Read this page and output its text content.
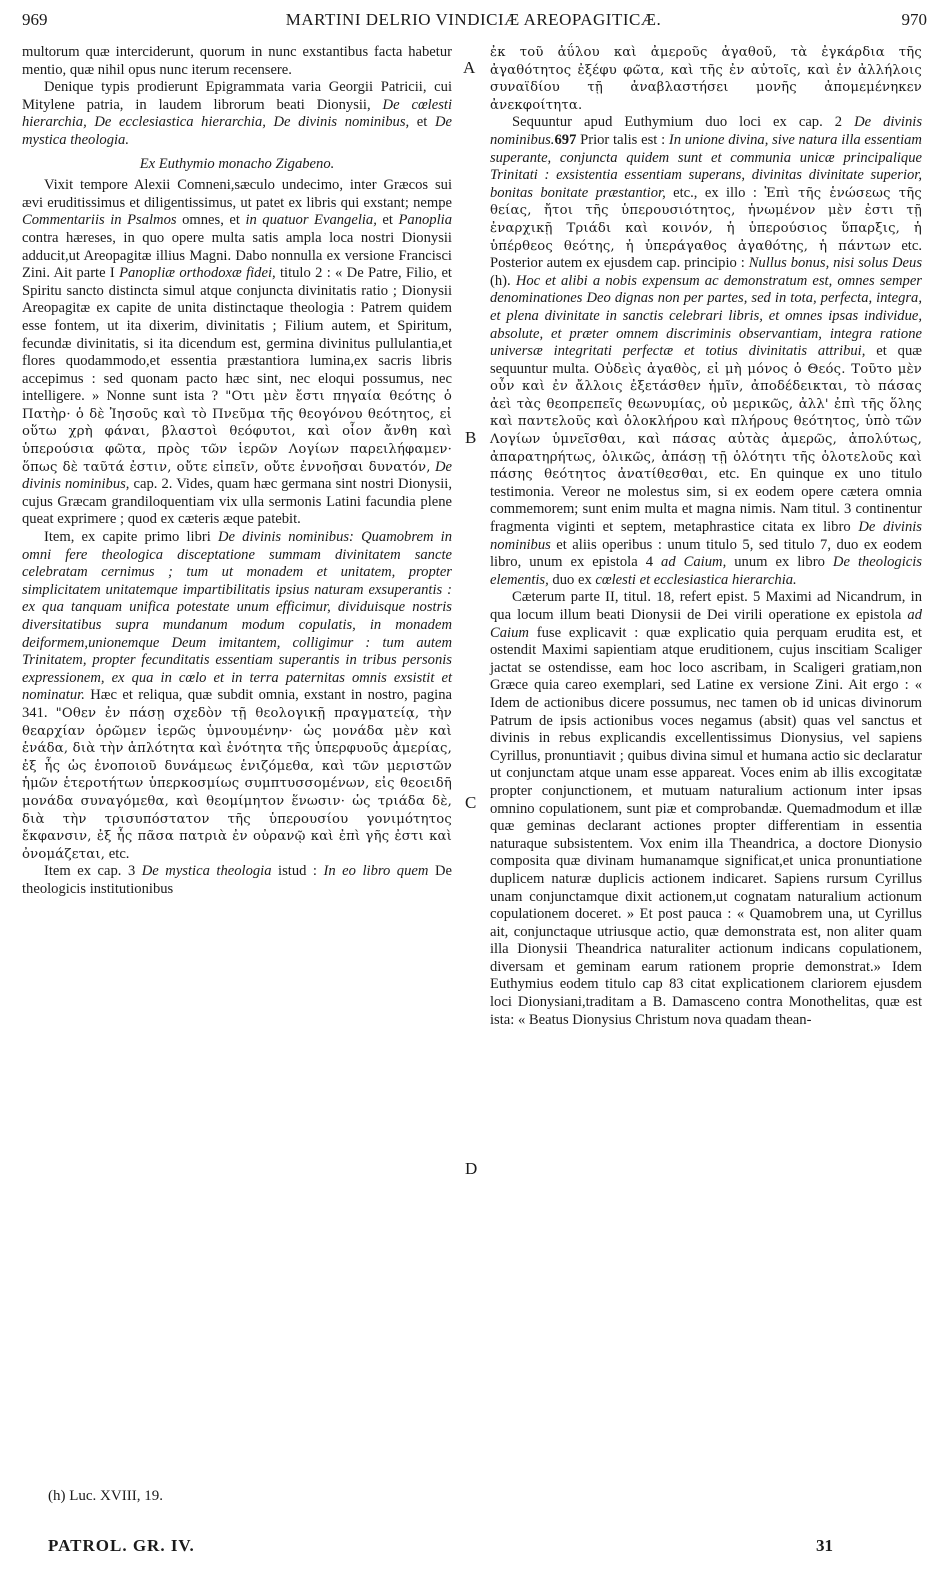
969	MARTINI DELRIO VINDICIÆ AREOPAGITICÆ.	970

multorum quæ interciderunt, quorum in nunc exstantibus facta habetur mentio, quæ nihil opus nunc iterum recensere.

Denique typis prodierunt Epigrammata varia Georgii Patricii, cui Mitylene patria, in laudem librorum beati Dionysii, De cœlesti hierarchia, De ecclesiastica hierarchia, De divinis nominibus, et De mystica theologia.

Ex Euthymio monacho Zigabeno.

Vixit tempore Alexii Comneni,sæculo undecimo, inter Græcos sui ævi eruditissimus et diligentissimus, ut patet ex libris qui exstant; nempe Commentariis in Psalmos omnes, et in quatuor Evangelia, et Panoplia contra hæreses, in quo opere multa satis ampla loca nostri Dionysii adducit,ut Areopagitæ illius Magni. Dabo nonnulla ex versione Francisci Zini. Ait parte I Panopliæ orthodoxæ fidei, titulo 2 : « De Patre, Filio, et Spiritu sancto distincta simul atque conjuncta divinitatis ratio ; Dionysii Areopagitæ ex capite de unita distinctaque theologia : Patrem quidem esse fontem, ut ita dixerim, divinitatis ; Filium autem, et Spiritum, fecundæ divinitatis, si ita dicendum est, germina divinitus pullulantia,et flores quodammodo,et essentia præstantiora lumina,ex sacris libris accepimus : sed quonam pacto hæc sint, nec eloqui possumus, nec intelligere. » Nonne sunt ista ? "Οτι μὲν ἔστι πηγαία θεότης ὁ Πατὴρ· ὁ δὲ Ἰησοῦς καὶ τὸ Πνεῦμα τῆς θεογόνου θεότητος, εἰ οὕτω χρὴ φάναι, βλαστοὶ θεόφυτοι, καὶ οἷον ἄνθη καὶ ὑπερούσια φῶτα, πρὸς τῶν ἱερῶν Λογίων παρειλήφαμεν· ὅπως δὲ ταῦτά ἐστιν, οὔτε εἰπεῖν, οὔτε ἐννοῆσαι δυνατόν, De divinis nominibus, cap. 2. Vides, quam hæc germana sint nostri Dionysii, cujus Græcam grandiloquentiam vix ulla sermonis Latini facundia plene queat exprimere ; quod ex cæteris æque patebit.

Item, ex capite primo libri De divinis nominibus: Quamobrem in omni fere theologica disceptatione summam divinitatem sancte celebratam cernimus ; tum ut monadem et unitatem, propter simplicitatem unitatemque impartibilitatis ipsius naturam exsuperantis : ex qua tanquam unifica potestate unum efficimur, dividuisque nostris diversitatibus supra mundanum modum copulatis, in monadem deiformem,unionemque Deum imitantem, colligimur : tum autem Trinitatem, propter fecunditatis essentiam superantis in tribus personis expressionem, ex qua in cœlo et in terra paternitas omnis exsistit et nominatur. Hæc et reliqua, quæ subdit omnia, exstant in nostro, pagina 341. "Οθεν ἐν πάσῃ σχεδὸν τῇ θεολογικῇ πραγματείᾳ, τὴν θεαρχίαν ὁρῶμεν ἱερῶς ὑμνουμένην· ὡς μονάδα μὲν καὶ ἑνάδα, διὰ τὴν ἁπλότητα καὶ ἑνότητα τῆς ὑπερφυοῦς ἀμερίας, ἐξ ἧς ὡς ἑνοποιοῦ δυνάμεως ἑνιζόμεθα, καὶ τῶν μεριστῶν ἡμῶν ἑτεροτήτων ὑπερκοσμίως συμπτυσσομένων, εἰς θεοειδῆ μονάδα συναγόμεθα, καὶ θεομίμητον ἕνωσιν· ὡς τριάδα δὲ, διὰ τὴν τρισυπόστατον τῆς ὑπερουσίου γονιμότητος ἔκφανσιν, ἐξ ἧς πᾶσα πατριὰ ἐν οὐρανῷ καὶ ἐπὶ γῆς ἐστι καὶ ὀνομάζεται, etc.

Item ex cap. 3 De mystica theologia istud : In eo libro quem De theologicis institutionibus

A
B
C
D

ἐκ τοῦ ἀΰλου καὶ ἀμεροῦς ἀγαθοῦ, τὰ ἐγκάρδια τῆς ἀγαθότητος ἐξέφυ φῶτα, καὶ τῆς ἐν αὐτοῖς, καὶ ἐν ἀλλήλοις συναϊδίου τῇ ἀναβλαστήσει μονῆς ἀπομεμένηκεν ἀνεκφοίτητα.

Sequuntur apud Euthymium duo loci ex cap. 2 De divinis nominibus.697 Prior talis est : In unione divina, sive natura illa essentiam superante, conjuncta quidem sunt et communia unicæ principalique Trinitati : exsistentia essentiam superans, divinitas divinitate superior, bonitas bonitate præstantior, etc., ex illo : Ἐπὶ τῆς ἑνώσεως τῆς θείας, ἤτοι τῆς ὑπερουσιότητος, ἡνωμένον μὲν ἐστι τῇ ἐναρχικῇ Τριάδι καὶ κοινόν, ἡ ὑπερούσιος ὕπαρξις, ἡ ὑπέρθεος θεότης, ἡ ὑπεράγαθος ἀγαθότης, ἡ πάντων etc. Posterior autem ex ejusdem cap. principio : Nullus bonus, nisi solus Deus (h). Hoc et alibi a nobis expensum ac demonstratum est, omnes semper denominationes Deo dignas non per partes, sed in tota, perfecta, integra, et plena divinitate in sanctis celebrari libris, et omnes ipsas individue, absolute, et præter omnem discriminis observantiam, integra ratione universæ integritati perfectæ et totius divinitatis attribui, et quæ sequuntur multa. Οὐδεὶς ἀγαθὸς, εἰ μὴ μόνος ὁ Θεός. Τοῦτο μὲν οὖν καὶ ἐν ἄλλοις ἐξετάσθεν ἡμῖν, ἀποδέδεικται, τὸ πάσας ἀεὶ τὰς θεοπρεπεῖς θεωνυμίας, οὐ μερικῶς, ἀλλ' ἐπὶ τῆς ὅλης καὶ παντελοῦς καὶ ὁλοκλήρου καὶ πλήρους θεότητος, ὑπὸ τῶν Λογίων ὑμνεῖσθαι, καὶ πάσας αὐτὰς ἀμερῶς, ἀπολύτως, ἀπαρατηρήτως, ὁλικῶς, ἀπάσῃ τῇ ὁλότητι τῆς ὁλοτελοῦς καὶ πάσης θεότητος ἀνατίθεσθαι, etc. En quinque ex uno titulo testimonia. Vereor ne molestus sim, si ex eodem opere cætera omnia commemorem; sunt enim multa et magna nimis. Nam titul. 3 continentur fragmenta viginti et septem, metaphrastice citata ex libro De divinis nominibus et aliis operibus : unum titulo 5, sed titulo 7, duo ex eodem libro, unum ex epistola 4 ad Caium, unum ex libro De theologicis elementis, duo ex cœlesti et ecclesiastica hierarchia.

Cæterum parte II, titul. 18, refert epist. 5 Maximi ad Nicandrum, in qua locum illum beati Dionysii de Dei virili operatione ex epistola ad Caium fuse explicavit : quæ explicatio quia perquam erudita est, et ostendit Maximi sapientiam atque eruditionem, cujus inscitiam Scaliger jactat se ostendisse, eam hoc loco ascribam, in Scaligeri gratiam,non Græce quia careo exemplari, sed Latine ex versione Zini. Ait ergo : « Idem de actionibus dicere possumus, nec tamen ob id unicas divinorum Patrum de ipsis actionibus voces negamus (absit) quas vel sanctus et divinis in rebus explicandis excellentissimus Dionysius, vel sapiens Cyrillus, pronuntiavit ; quibus divina simul et humana actio sic declaratur ut conjunctam atque unam esse appareat. Voces enim ab illis excogitatæ propter conjunctionem, et mutuam naturalium actionum inter ipsas omnino copulationem, sunt piæ et comprobandæ. Quemadmodum et illæ quæ geminas declarant actiones propter differentiam in essentia naturaque subsistentem. Vox enim illa Theandrica, a doctore Dionysio composita quæ divinam humanamque significat,et unica pronuntiatione duplicem naturæ duplicis actionem indicaret. Sapiens rursum Cyrillus unam conjunctamque dixit actionem,ut cognatam naturalium actionum copulationem doceret. » Et post pauca : « Quamobrem una, ut Cyrillus ait, conjunctaque utriusque actio, quæ demonstrata est, non aliter quam illa Dionysii Theandrica naturaliter actionum indicans copulationem, diversam et geminam earum rationem proprie demonstrat.» Idem Euthymius eodem titulo cap 83 citat explicationem clariorem ejusdem loci Dionysiani,traditam a B. Damasceno contra Monothelitas, quæ est ista: « Beatus Dionysius Christum nova quadam thean-

(h) Luc. XVIII, 19.
PATROL. GR. IV.	31
